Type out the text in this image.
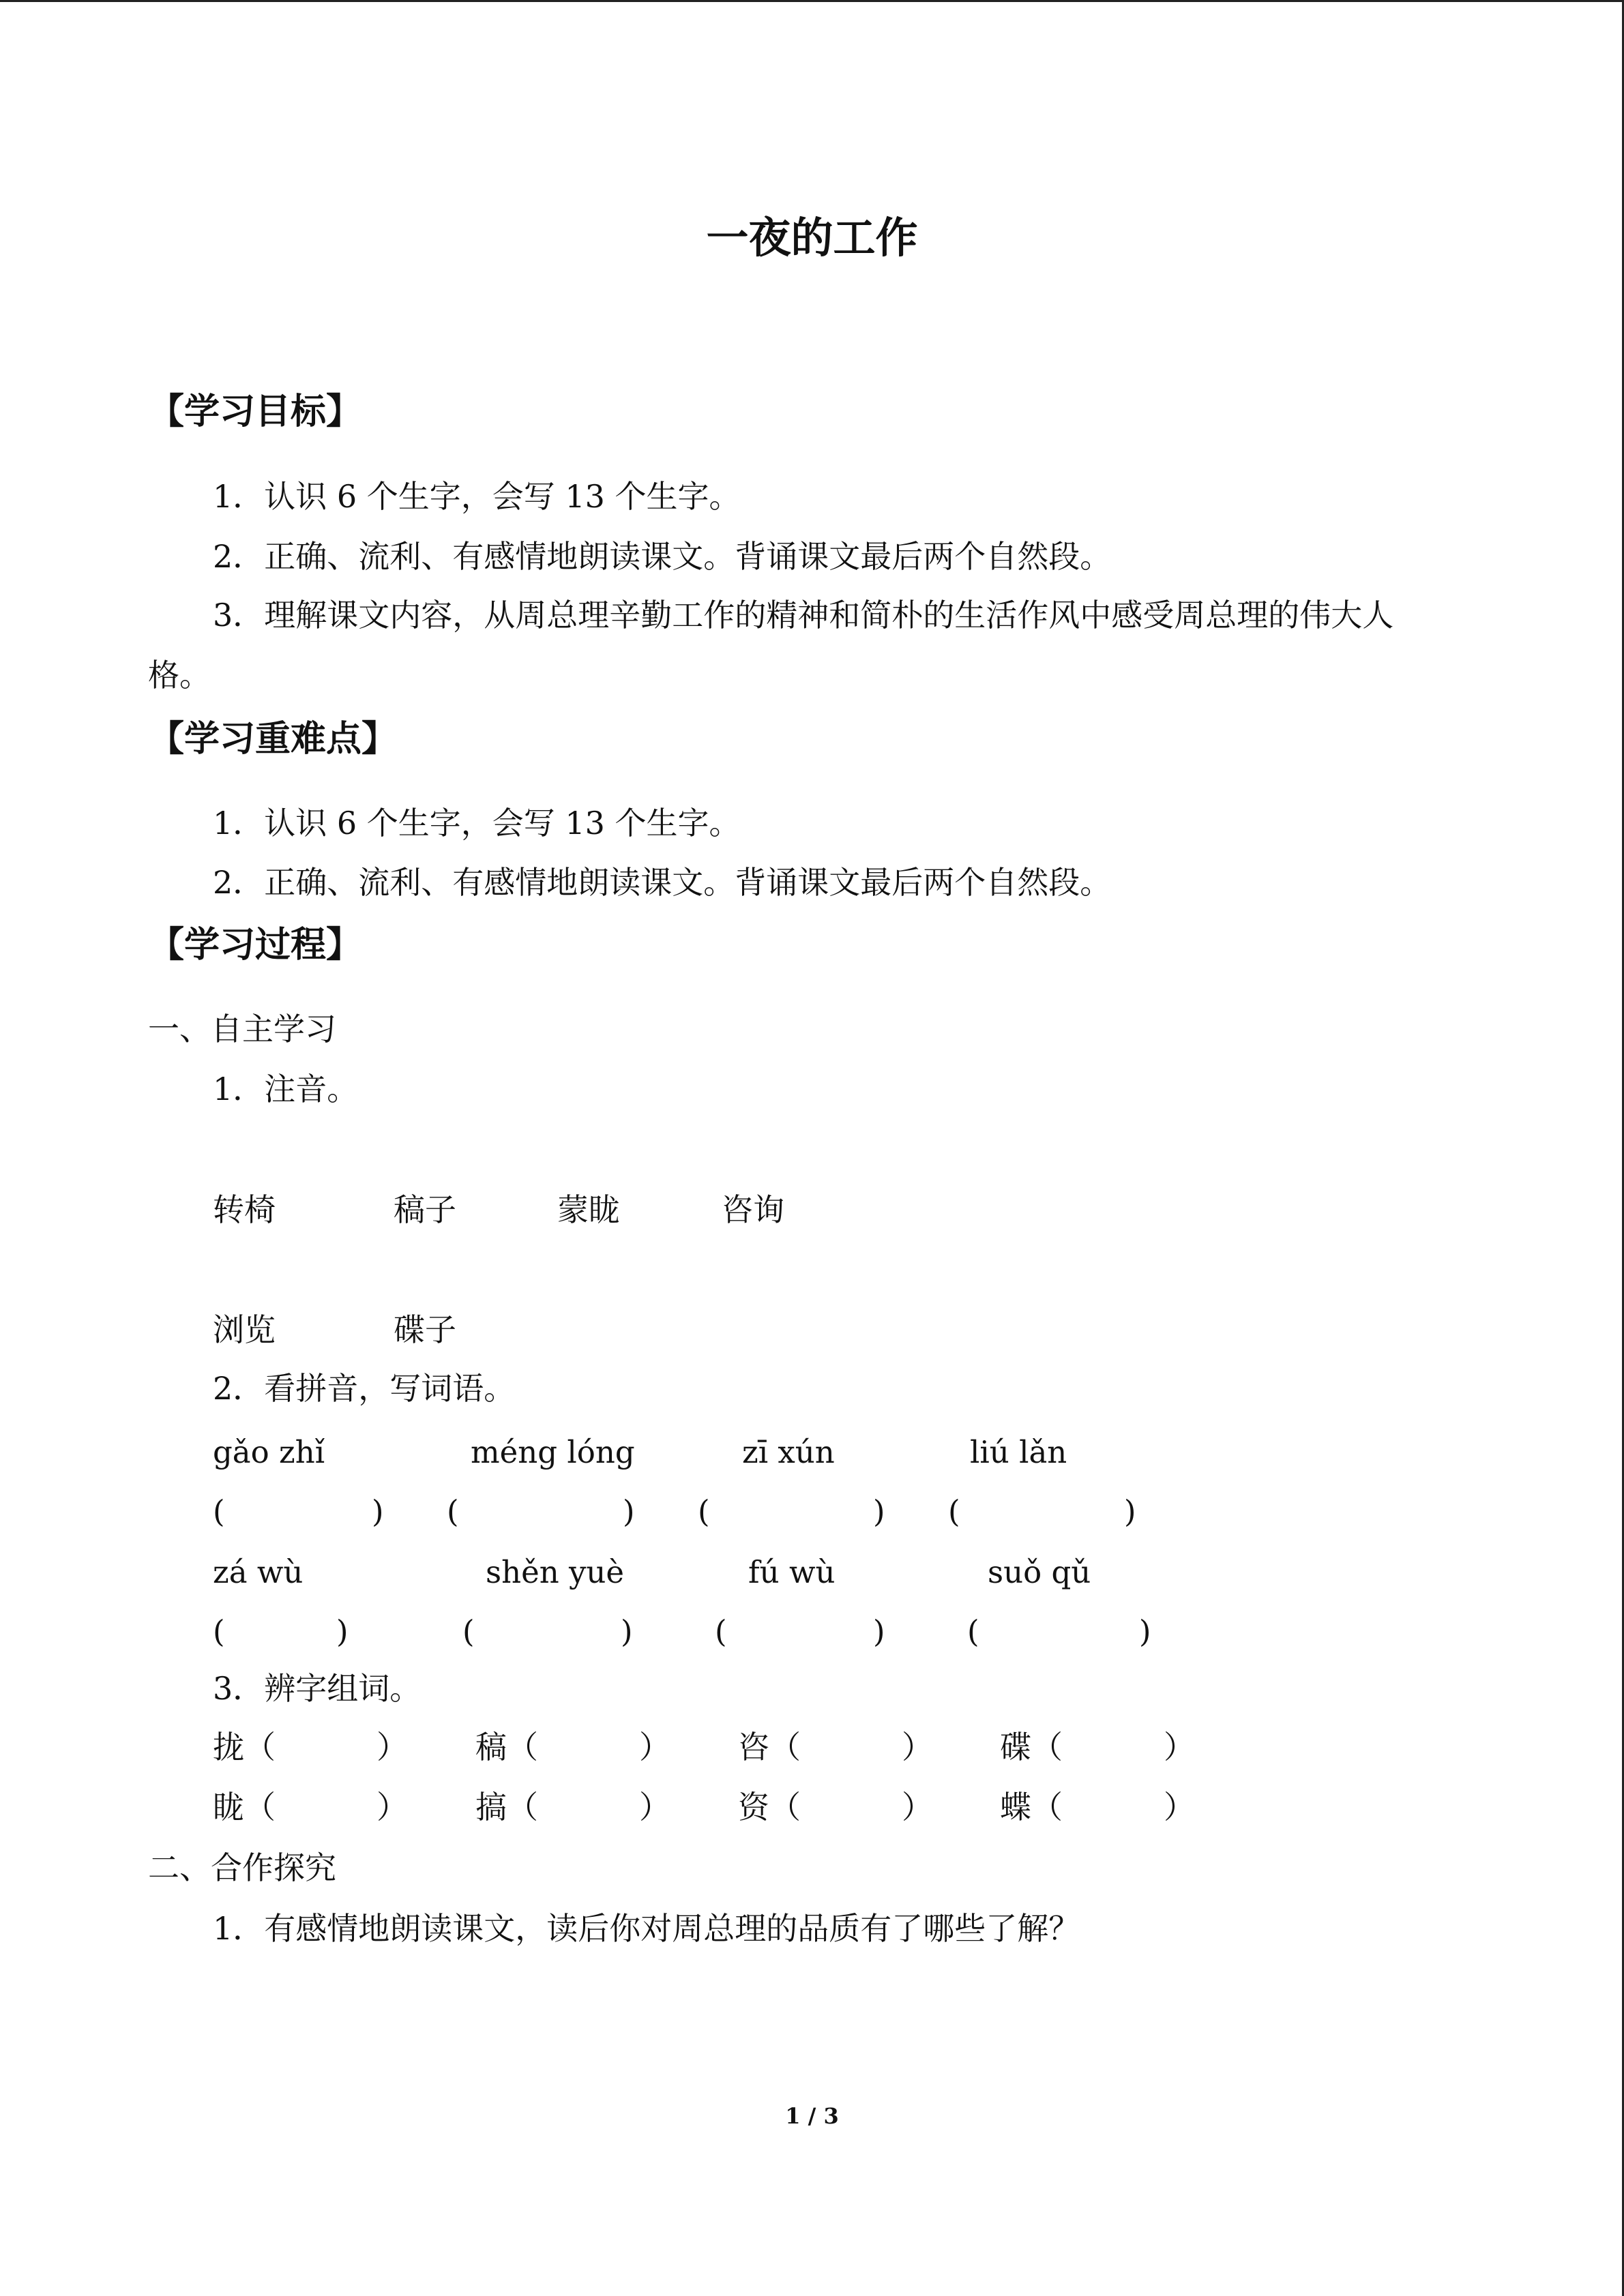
一夜的工作
【学习目标】
1．认识 6 个生字，会写 13 个生字。
2．正确、流利、有感情地朗读课文。背诵课文最后两个自然段。
3．理解课文内容，从周总理辛勤工作的精神和简朴的生活作风中感受周总理的伟大人
格。
【学习重难点】
1．认识 6 个生字，会写 13 个生字。
2．正确、流利、有感情地朗读课文。背诵课文最后两个自然段。
【学习过程】
一、自主学习
1．注音。
转椅	稿子	蒙眬	咨询
浏览	碟子
2．看拼音，写词语。
gǎo zhǐ	méng lóng	zī xún	liú lǎn
(	) (	) (	) (	)
zá wù	shěn yuè	fú wù	suǒ qǔ
(	)	(	)	(	)	(	)
3．辨字组词。
拢（	） 稿（	） 咨（	） 碟（	）
眬（	） 搞（	） 资（	） 蝶（	）
二、合作探究
1．有感情地朗读课文，读后你对周总理的品质有了哪些了解？
1 / 3
